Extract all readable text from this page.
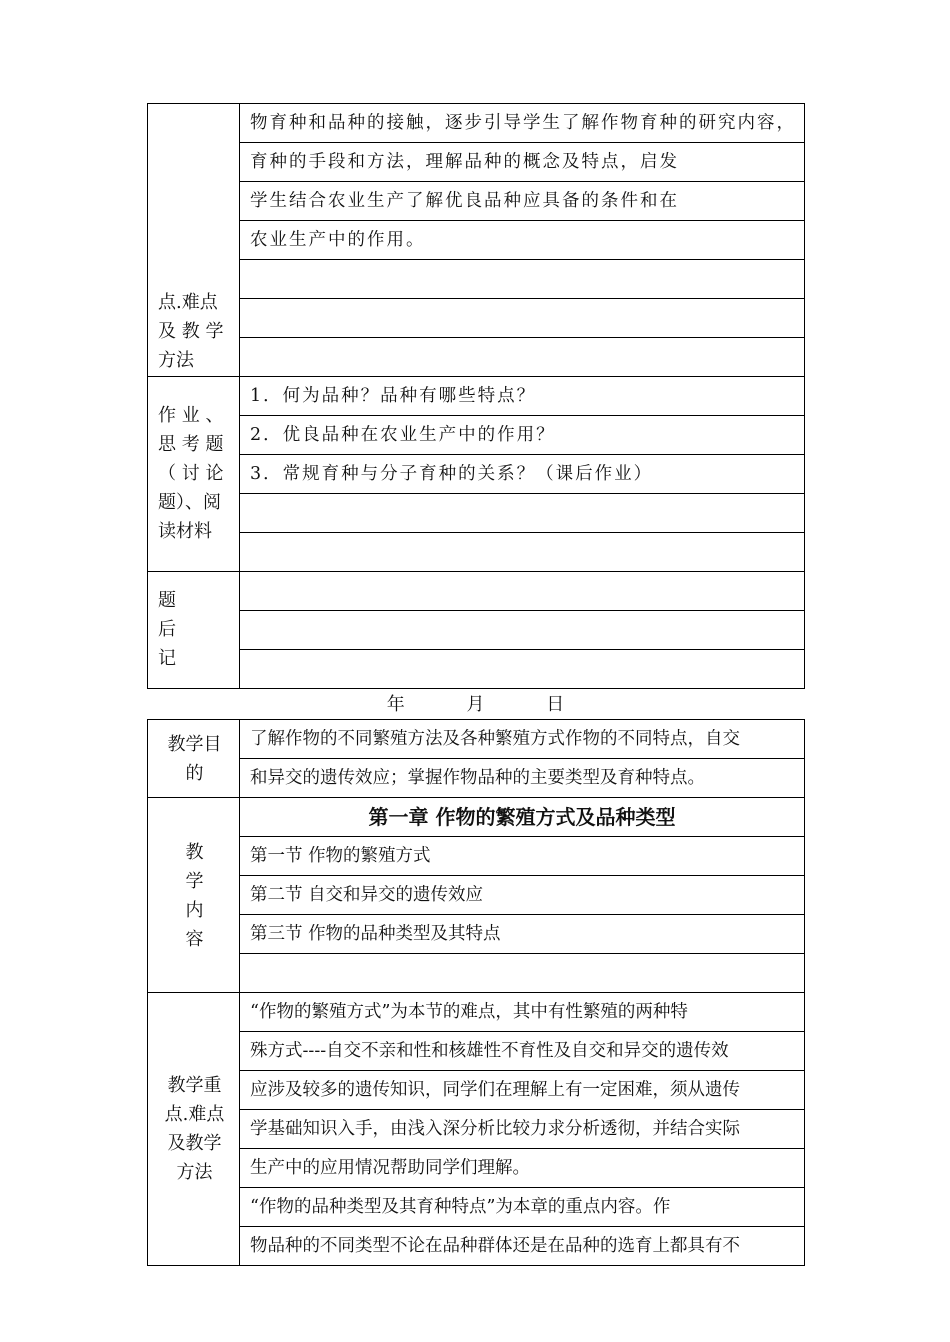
点.难点
及 教 学
方法	物育种和品种的接触，逐步引导学生了解作物育种的研究内容，
	育种的手段和方法，理解品种的概念及特点，启发
	学生结合农业生产了解优良品种应具备的条件和在
	农业生产中的作用。

作 业 、
思 考 题
（ 讨 论
题）、阅
读材料	1．何为品种？品种有哪些特点？
	2．优良品种在农业生产中的作用？
	3．常规育种与分子育种的关系？（课后作业）

题
后
记	

年	月	日
教学目
的	了解作物的不同繁殖方法及各种繁殖方式作物的不同特点，自交
	和异交的遗传效应；掌握作物品种的主要类型及育种特点。

教
学
内
容	第一章 作物的繁殖方式及品种类型
	第一节 作物的繁殖方式
	第二节 自交和异交的遗传效应
	第三节 作物的品种类型及其特点

教学重
点.难点
及教学
方法	“作物的繁殖方式”为本节的难点，其中有性繁殖的两种特
	殊方式----自交不亲和性和核雄性不育性及自交和异交的遗传效
	应涉及较多的遗传知识，同学们在理解上有一定困难，须从遗传
	学基础知识入手，由浅入深分析比较力求分析透彻，并结合实际
	生产中的应用情况帮助同学们理解。
	“作物的品种类型及其育种特点”为本章的重点内容。作
	物品种的不同类型不论在品种群体还是在品种的选育上都具有不
